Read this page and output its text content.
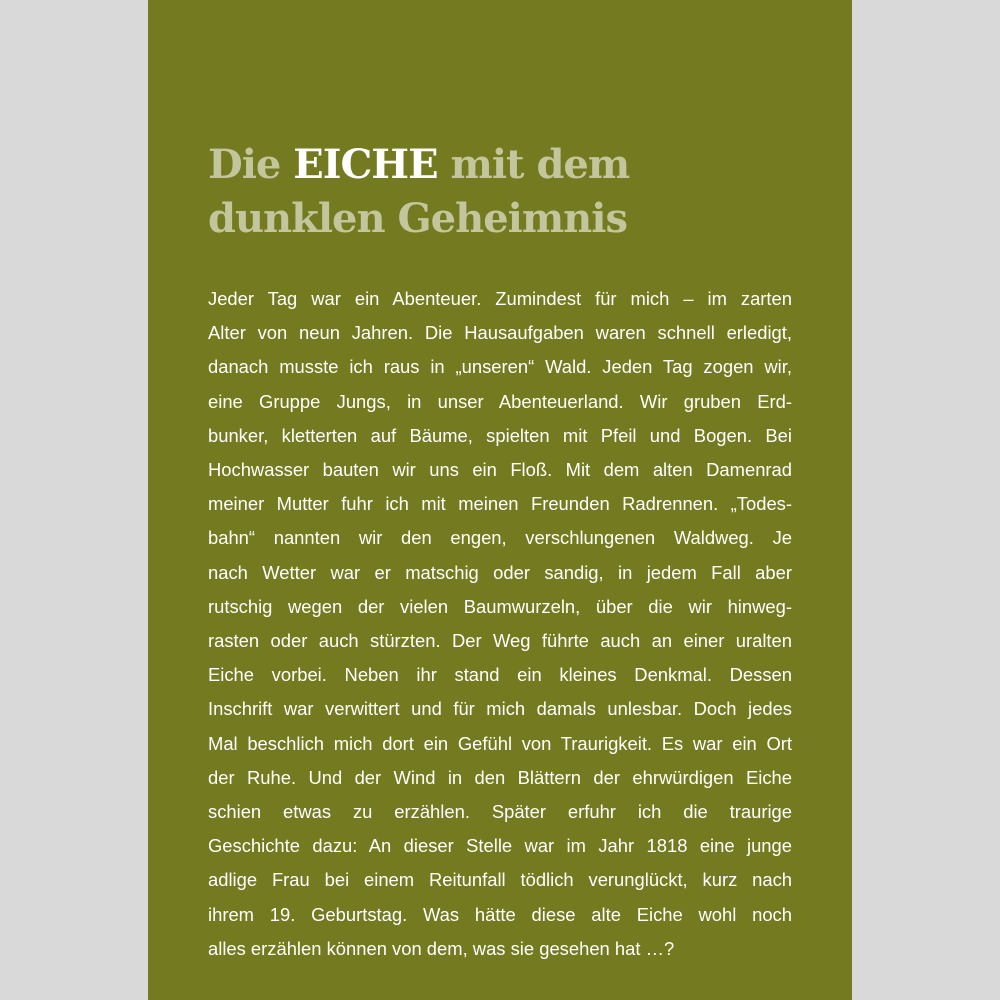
Die EICHE mit dem
dunklen Geheimnis
Jeder Tag war ein Abenteuer. Zumindest für mich – im zarten
Alter von neun Jahren. Die Hausaufgaben waren schnell erledigt,
danach musste ich raus in „unseren“ Wald. Jeden Tag zogen wir,
eine Gruppe Jungs, in unser Abenteuerland. Wir gruben Erd-
bunker, kletterten auf Bäume, spielten mit Pfeil und Bogen. Bei
Hochwasser bauten wir uns ein Floß. Mit dem alten Damenrad
meiner Mutter fuhr ich mit meinen Freunden Radrennen. „Todes-
bahn“ nannten wir den engen, verschlungenen Waldweg. Je
nach Wetter war er matschig oder sandig, in jedem Fall aber
rutschig wegen der vielen Baumwurzeln, über die wir hinweg-
rasten oder auch stürzten. Der Weg führte auch an einer uralten
Eiche vorbei. Neben ihr stand ein kleines Denkmal. Dessen
Inschrift war verwittert und für mich damals unlesbar. Doch jedes
Mal beschlich mich dort ein Gefühl von Traurigkeit. Es war ein Ort
der Ruhe. Und der Wind in den Blättern der ehrwürdigen Eiche
schien etwas zu erzählen. Später erfuhr ich die traurige
Geschichte dazu: An dieser Stelle war im Jahr 1818 eine junge
adlige Frau bei einem Reitunfall tödlich verunglückt, kurz nach
ihrem 19. Geburtstag. Was hätte diese alte Eiche wohl noch
alles erzählen können von dem, was sie gesehen hat …?
